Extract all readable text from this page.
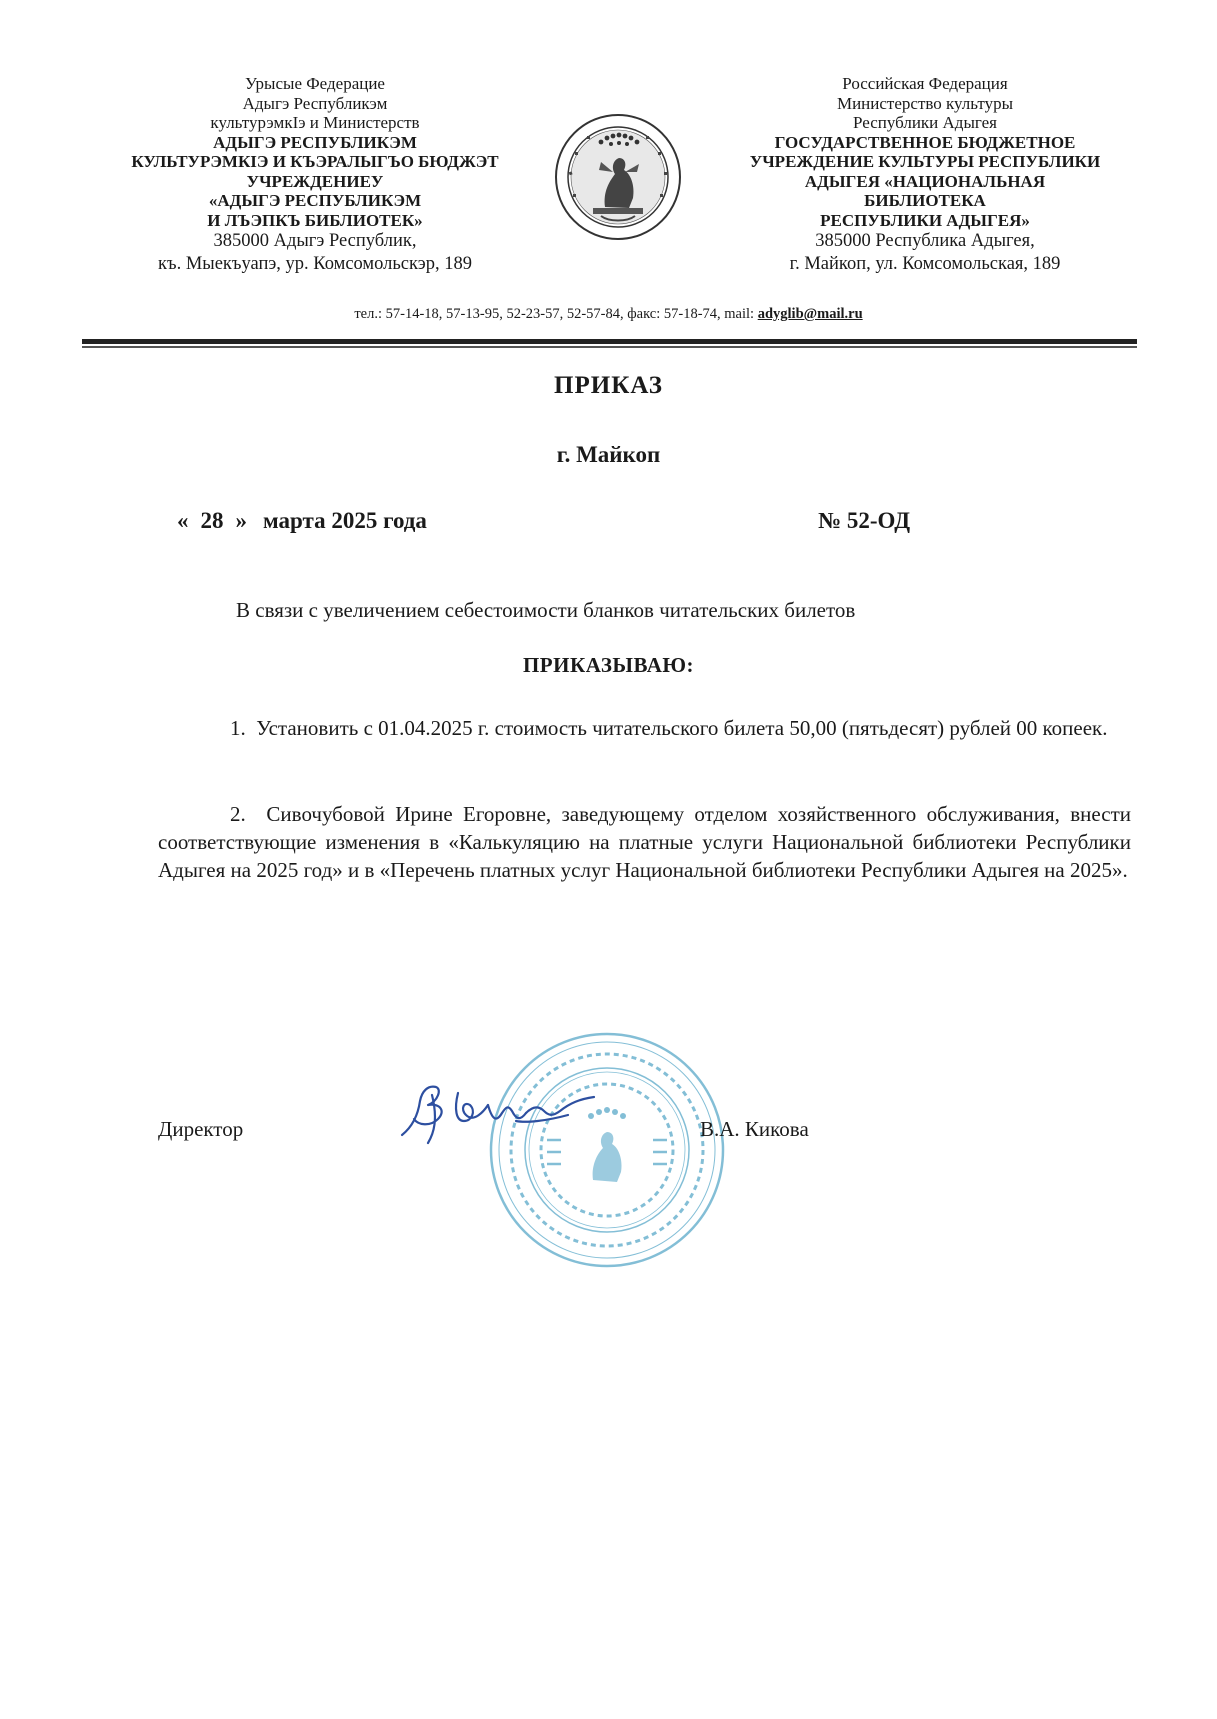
Урысые Федерацие
Адыгэ Республикэм
культурэмкIэ и Министерств
АДЫГЭ РЕСПУБЛИКЭМ
КУЛЬТУРЭМКIЭ И КЪЭРАЛЫГЪО БЮДЖЭТ
УЧРЕЖДЕНИЕУ
«АДЫГЭ РЕСПУБЛИКЭМ
И ЛЪЭПКЪ БИБЛИОТЕК»
385000 Адыгэ Республик,
къ. Мыекъуапэ, ур. Комсомольскэр, 189
Российская Федерация
Министерство культуры
Республики Адыгея
ГОСУДАРСТВЕННОЕ БЮДЖЕТНОЕ
УЧРЕЖДЕНИЕ КУЛЬТУРЫ РЕСПУБЛИКИ
АДЫГЕЯ «НАЦИОНАЛЬНАЯ
БИБЛИОТЕКА
РЕСПУБЛИКИ АДЫГЕЯ»
385000 Республика Адыгея,
г. Майкоп, ул. Комсомольская, 189
тел.: 57-14-18, 57-13-95, 52-23-57, 52-57-84, факс: 57-18-74, mail: adyglib@mail.ru
ПРИКАЗ
г. Майкоп
« 28 » марта 2025 года	№ 52-ОД
В связи с увеличением себестоимости бланков читательских билетов
ПРИКАЗЫВАЮ:
1. Установить с 01.04.2025 г. стоимость читательского билета 50,00 (пятьдесят) рублей 00 копеек.
2. Сивочубовой Ирине Егоровне, заведующему отделом хозяйственного обслуживания, внести соответствующие изменения в «Калькуляцию на платные услуги Национальной библиотеки Республики Адыгея на 2025 год» и в «Перечень платных услуг Национальной библиотеки Республики Адыгея на 2025».
Директор	В.А. Кикова
